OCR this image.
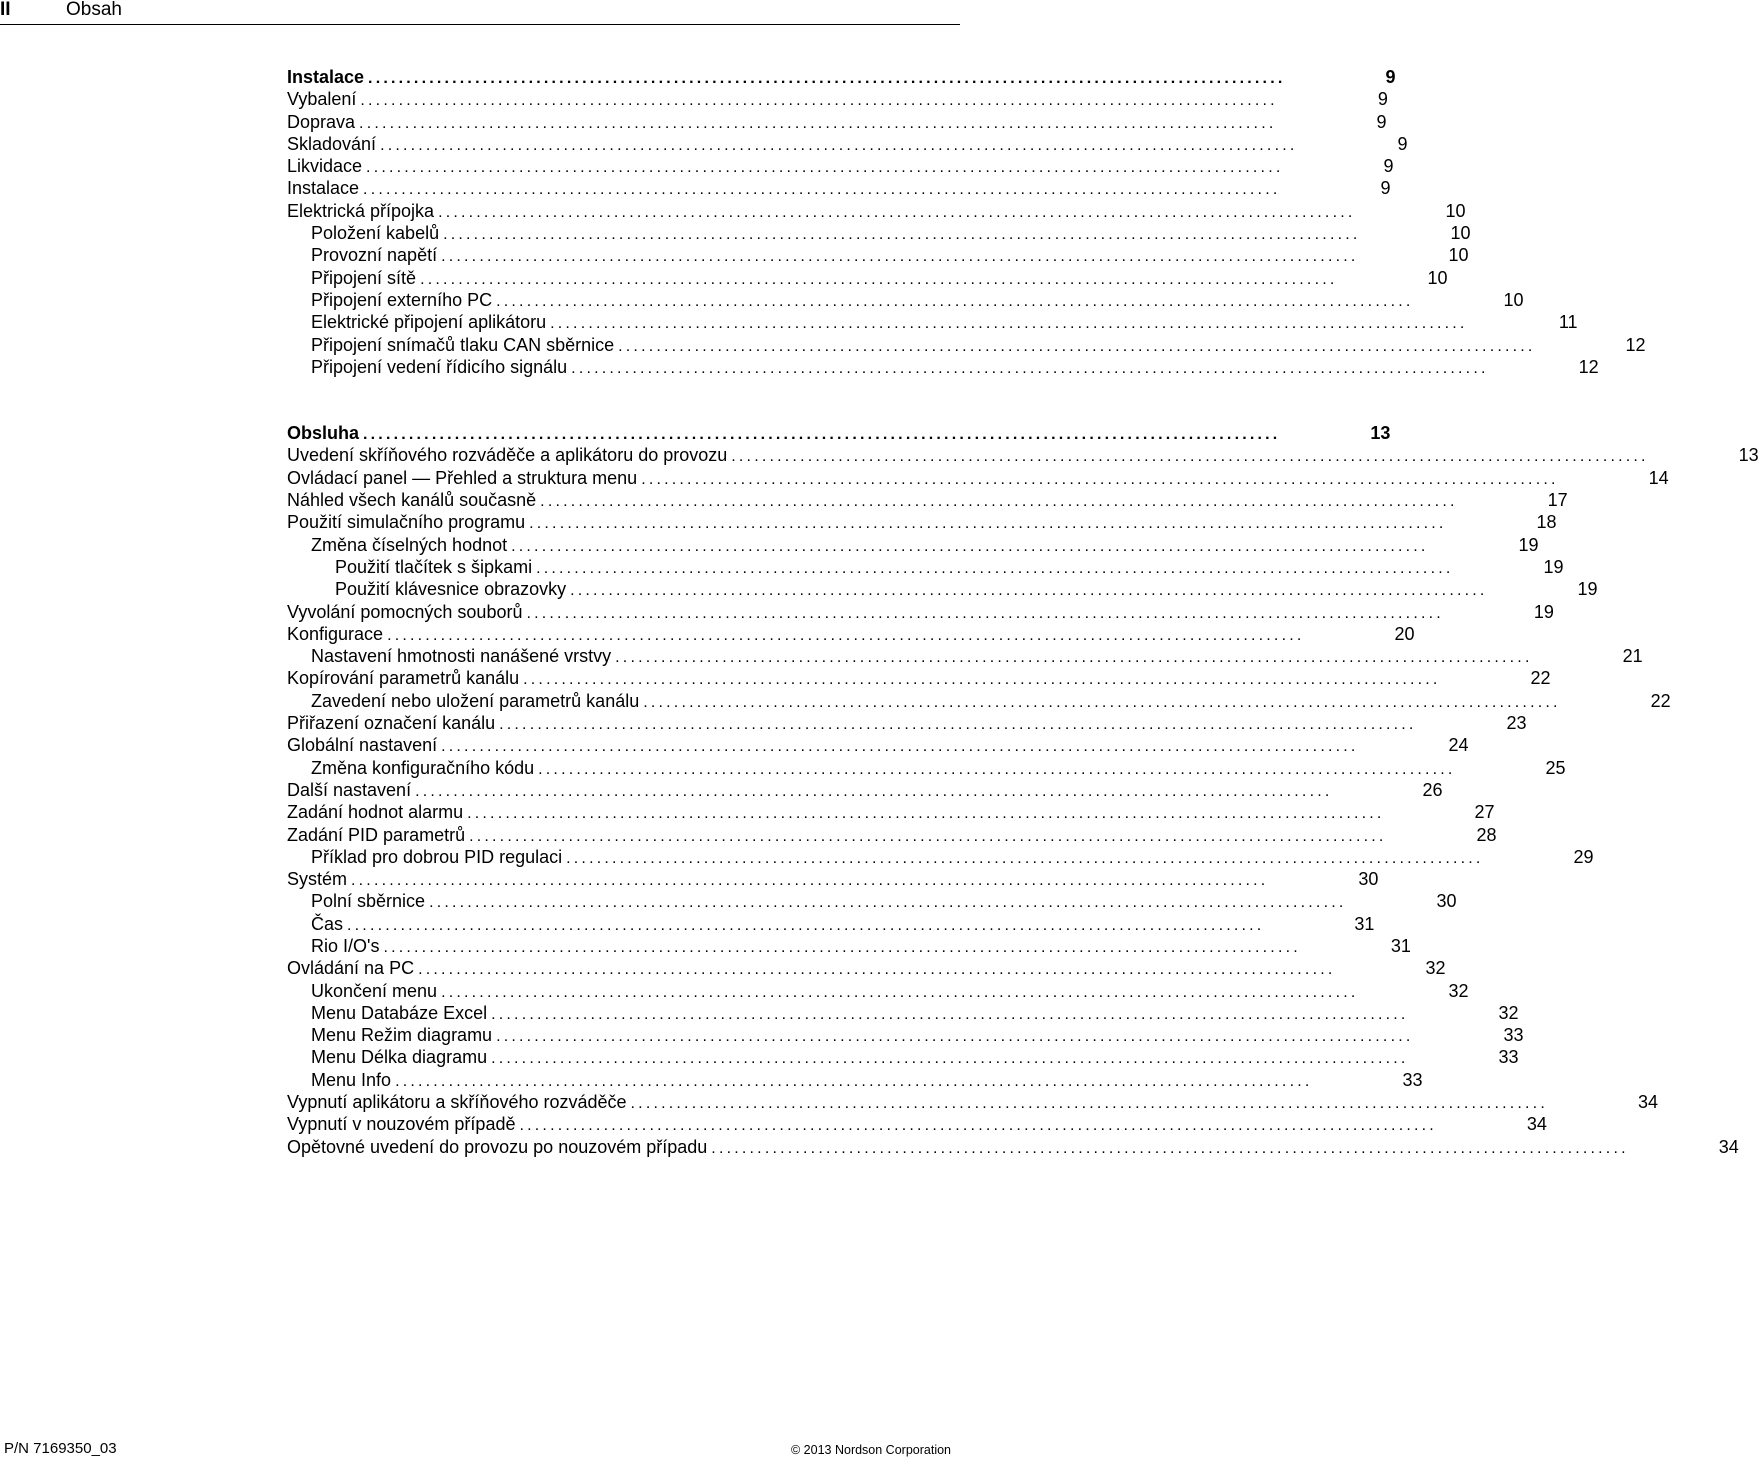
II	Obsah
Instalace ........................................................................................................................	9
Vybalení ........................................................................................................................	9
Doprava ........................................................................................................................	9
Skladování ........................................................................................................................	9
Likvidace ........................................................................................................................	9
Instalace ........................................................................................................................	9
Elektrická přípojka ........................................................................................................................	10
Položení kabelů ........................................................................................................................	10
Provozní napětí ........................................................................................................................	10
Připojení sítě ........................................................................................................................	10
Připojení externího PC ........................................................................................................................	10
Elektrické připojení aplikátoru ........................................................................................................................	11
Připojení snímačů tlaku CAN sběrnice ........................................................................................................................	12
Připojení vedení řídicího signálu ........................................................................................................................	12
Obsluha ........................................................................................................................	13
Uvedení skříňového rozváděče a aplikátoru do provozu ........................................................................................................................	13
Ovládací panel — Přehled a struktura menu ........................................................................................................................	14
Náhled všech kanálů současně ........................................................................................................................	17
Použití simulačního programu ........................................................................................................................	18
Změna číselných hodnot ........................................................................................................................	19
Použití tlačítek s šipkami ........................................................................................................................	19
Použití klávesnice obrazovky ........................................................................................................................	19
Vyvolání pomocných souborů ........................................................................................................................	19
Konfigurace ........................................................................................................................	20
Nastavení hmotnosti nanášené vrstvy ........................................................................................................................	21
Kopírování parametrů kanálu ........................................................................................................................	22
Zavedení nebo uložení parametrů kanálu ........................................................................................................................	22
Přiřazení označení kanálu ........................................................................................................................	23
Globální nastavení ........................................................................................................................	24
Změna konfiguračního kódu ........................................................................................................................	25
Další nastavení ........................................................................................................................	26
Zadání hodnot alarmu ........................................................................................................................	27
Zadání PID parametrů ........................................................................................................................	28
Příklad pro dobrou PID regulaci ........................................................................................................................	29
Systém ........................................................................................................................	30
Polní sběrnice ........................................................................................................................	30
Čas ........................................................................................................................	31
Rio I/O's ........................................................................................................................	31
Ovládání na PC ........................................................................................................................	32
Ukončení menu ........................................................................................................................	32
Menu Databáze Excel ........................................................................................................................	32
Menu Režim diagramu ........................................................................................................................	33
Menu Délka diagramu ........................................................................................................................	33
Menu Info ........................................................................................................................	33
Vypnutí aplikátoru a skříňového rozváděče ........................................................................................................................	34
Vypnutí v nouzovém případě ........................................................................................................................	34
Opětovné uvedení do provozu po nouzovém případu ........................................................................................................................	34
P/N 7169350_03	© 2013 Nordson Corporation
